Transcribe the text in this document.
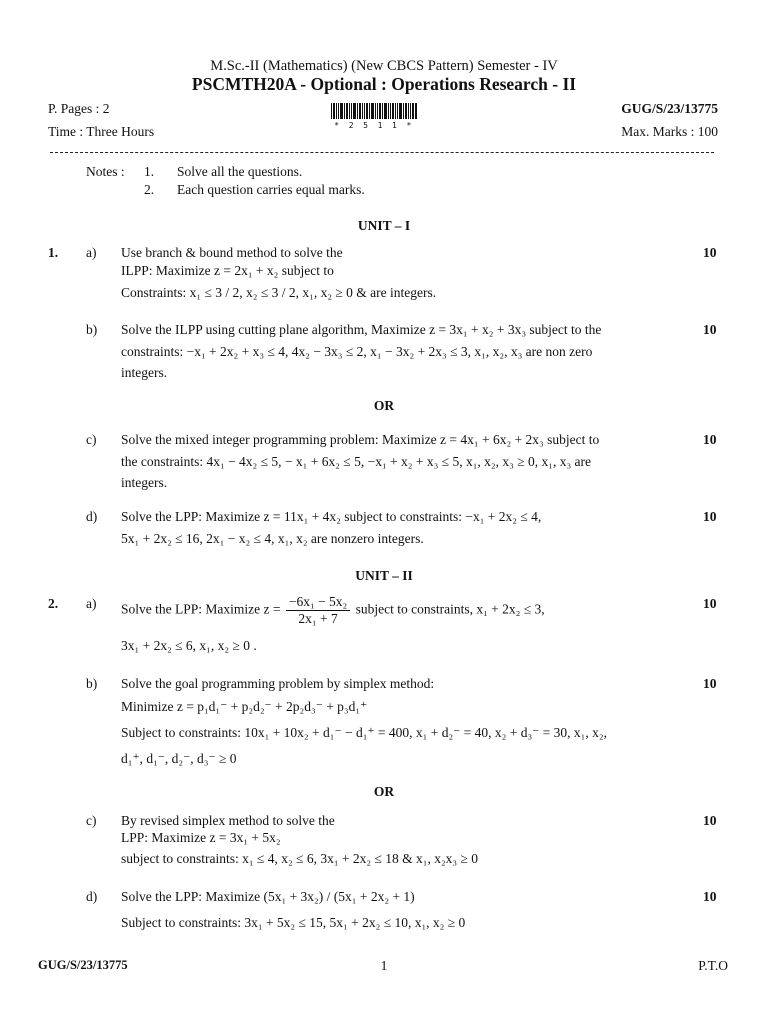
M.Sc.-II (Mathematics) (New CBCS Pattern) Semester - IV
PSCMTH20A - Optional : Operations Research - II
P. Pages : 2	GUG/S/23/13775
Time : Three Hours	Max. Marks : 100
* 2 5 1 1 *
Notes : 1. Solve all the questions.
2. Each question carries equal marks.
UNIT – I
1. a) Use branch & bound method to solve the
ILPP: Maximize z = 2x₁ + x₂ subject to
Constraints: x₁ ≤ 3 / 2, x₂ ≤ 3 / 2, x₁, x₂ ≥ 0 & are integers.
10
b) Solve the ILPP using cutting plane algorithm, Maximize z = 3x₁ + x₂ + 3x₃ subject to the
constraints: −x₁ + 2x₂ + x₃ ≤ 4, 4x₂ − 3x₃ ≤ 2, x₁ − 3x₂ + 2x₃ ≤ 3, x₁, x₂, x₃ are non zero
integers.
10
OR
c) Solve the mixed integer programming problem: Maximize z = 4x₁ + 6x₂ + 2x₃ subject to
the constraints: 4x₁ − 4x₂ ≤ 5, − x₁ + 6x₂ ≤ 5, −x₁ + x₂ + x₃ ≤ 5, x₁, x₂, x₃ ≥ 0, x₁, x₃ are
integers.
10
d) Solve the LPP: Maximize z = 11x₁ + 4x₂ subject to constraints: −x₁ + 2x₂ ≤ 4,
5x₁ + 2x₂ ≤ 16, 2x₁ − x₂ ≤ 4, x₁, x₂ are nonzero integers.
10
UNIT – II
2. a) Solve the LPP: Maximize $z = \frac{\text{−6x₁ − 5x₂}}{\text{2x₁ + 7}}$ subject to constraints, x₁ + 2x₂ ≤ 3,
3x₁ + 2x₂ ≤ 6, x₁, x₂ ≥ 0 .
10
b) Solve the goal programming problem by simplex method:
Minimize z = p₁d₁⁻ + p₂d₂⁻ + 2p₂d₃⁻ + p₃d₁⁺
Subject to constraints: 10x₁ + 10x₂ + d₁⁻ − d₁⁺ = 400, x₁ + d₂⁻ = 40, x₂ + d₃⁻ = 30, x₁, x₂,
d₁⁺, d₁⁻, d₂⁻, d₃⁻ ≥ 0
10
OR
c) By revised simplex method to solve the
LPP: Maximize z = 3x₁ + 5x₂
subject to constraints: x₁ ≤ 4, x₂ ≤ 6, 3x₁ + 2x₂ ≤ 18 & x₁, x₂x₃ ≥ 0
10
d) Solve the LPP: Maximize (5x₁ + 3x₂) / (5x₁ + 2x₂ + 1)
Subject to constraints: 3x₁ + 5x₂ ≤ 15, 5x₁ + 2x₂ ≤ 10, x₁, x₂ ≥ 0
10
GUG/S/23/13775	1	P.T.O
